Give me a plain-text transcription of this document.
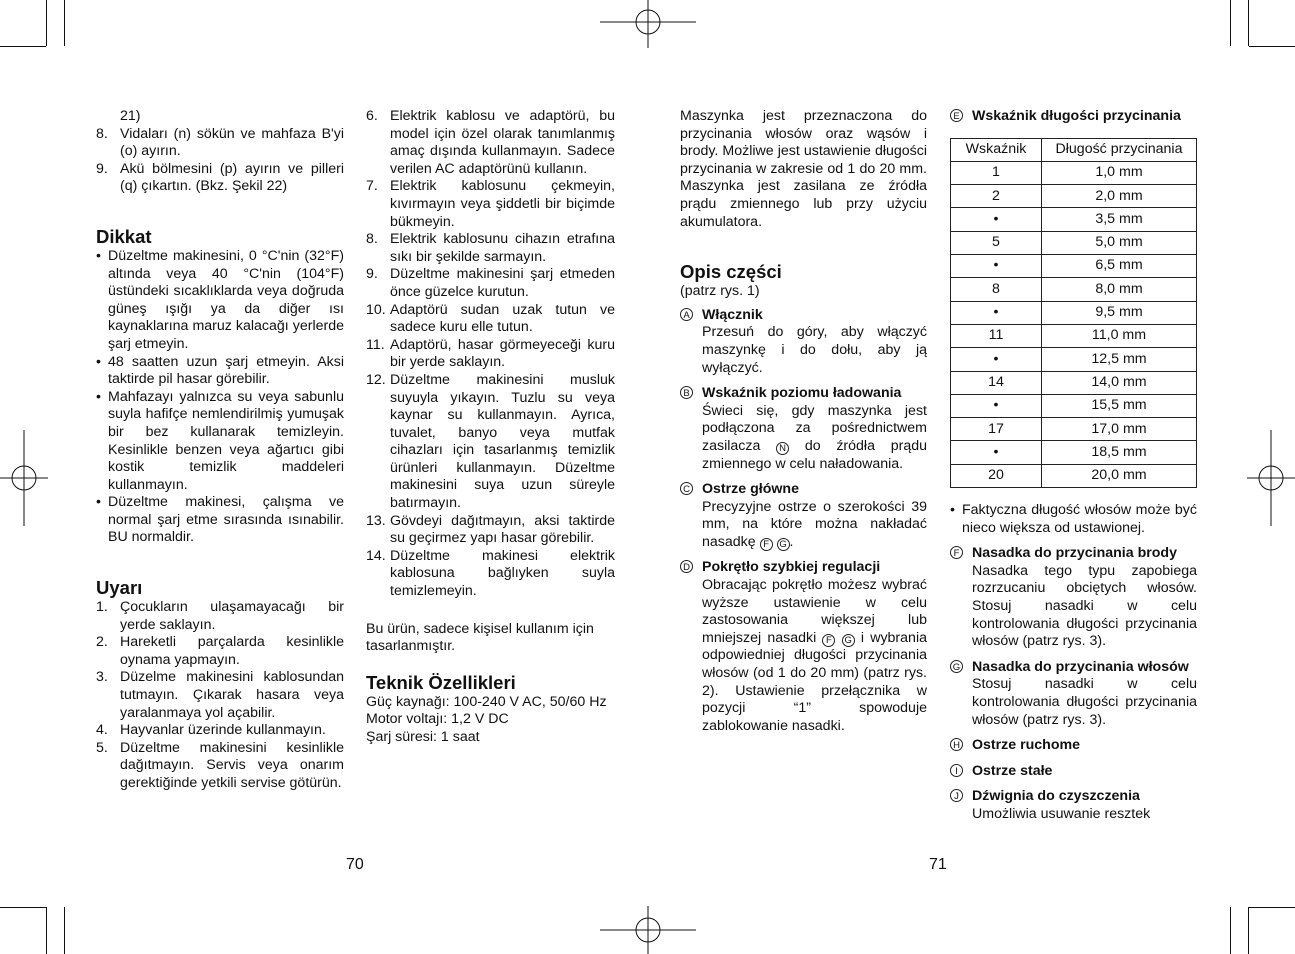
21)
8. Vidaları (n) sökün ve mahfaza B'yi (o) ayırın.
9. Akü bölmesini (p) ayırın ve pilleri (q) çıkartın. (Bkz. Şekil 22)
Dikkat
• Düzeltme makinesini, 0 °C'nin (32°F) altında veya 40 °C'nin (104°F) üstündeki sıcaklıklarda veya doğruda güneş ışığı ya da diğer ısı kaynaklarına maruz kalacağı yerlerde şarj etmeyin.
• 48 saatten uzun şarj etmeyin. Aksi taktirde pil hasar görebilir.
• Mahfazayı yalnızca su veya sabunlu suyla hafifçe nemlendirilmiş yumuşak bir bez kullanarak temizleyin. Kesinlikle benzen veya ağartıcı gibi kostik temizlik maddeleri kullanmayın.
• Düzeltme makinesi, çalışma ve normal şarj etme sırasında ısınabilir. BU normaldir.
Uyarı
1. Çocukların ulaşamayacağı bir yerde saklayın.
2. Hareketli parçalarda kesinlikle oynama yapmayın.
3. Düzelme makinesini kablosundan tutmayın. Çıkarak hasara veya yaralanmaya yol açabilir.
4. Hayvanlar üzerinde kullanmayın.
5. Düzeltme makinesini kesinlikle dağıtmayın. Servis veya onarım gerektiğinde yetkili servise götürün.
6. Elektrik kablosu ve adaptörü, bu model için özel olarak tanımlanmış amaç dışında kullanmayın. Sadece verilen AC adaptörünü kullanın.
7. Elektrik kablosunu çekmeyin, kıvırmayın veya şiddetli bir biçimde bükmeyin.
8. Elektrik kablosunu cihazın etrafına sıkı bir şekilde sarmayın.
9. Düzeltme makinesini şarj etmeden önce güzelce kurutun.
10. Adaptörü sudan uzak tutun ve sadece kuru elle tutun.
11. Adaptörü, hasar görmeyeceği kuru bir yerde saklayın.
12. Düzeltme makinesini musluk suyuyla yıkayın. Tuzlu su veya kaynar su kullanmayın. Ayrıca, tuvalet, banyo veya mutfak cihazları için tasarlanmış temizlik ürünleri kullanmayın. Düzeltme makinesini suya uzun süreyle batırmayın.
13. Gövdeyi dağıtmayın, aksi taktirde su geçirmez yapı hasar görebilir.
14. Düzeltme makinesi elektrik kablosuna bağlıyken suyla temizlemeyin.
Bu ürün, sadece kişisel kullanım için tasarlanmıştır.
Teknik Özellikleri
Güç kaynağı: 100-240 V AC, 50/60 Hz
Motor voltajı: 1,2 V DC
Şarj süresi: 1 saat
70
Maszynka jest przeznaczona do przycinania włosów oraz wąsów i brody. Możliwe jest ustawienie długości przycinania w zakresie od 1 do 20 mm. Maszynka jest zasilana ze źródła prądu zmiennego lub przy użyciu akumulatora.
Opis części
(patrz rys. 1)
A Włącznik
Przesuń do góry, aby włączyć maszynkę i do dołu, aby ją wyłączyć.
B Wskaźnik poziomu ładowania
Świeci się, gdy maszynka jest podłączona za pośrednictwem zasilacza N do źródła prądu zmiennego w celu naładowania.
C Ostrze główne
Precyzyjne ostrze o szerokości 39 mm, na które można nakładać nasadkę F G .
D Pokrętło szybkiej regulacji
Obracając pokrętło możesz wybrać wyższe ustawienie w celu zastosowania większej lub mniejszej nasadki F G i wybrania odpowiedniej długości przycinania włosów (od 1 do 20 mm) (patrz rys. 2). Ustawienie przełącznika w pozycji “1” spowoduje zablokowanie nasadki.
E Wskaźnik długości przycinania
Wskaźnik	Długość przycinania
1	1,0 mm
2	2,0 mm
•	3,5 mm
5	5,0 mm
•	6,5 mm
8	8,0 mm
•	9,5 mm
11	11,0 mm
•	12,5 mm
14	14,0 mm
•	15,5 mm
17	17,0 mm
•	18,5 mm
20	20,0 mm
• Faktyczna długość włosów może być nieco większa od ustawionej.
F Nasadka do przycinania brody
Nasadka tego typu zapobiega rozrzucaniu obciętych włosów. Stosuj nasadki w celu kontrolowania długości przycinania włosów (patrz rys. 3).
G Nasadka do przycinania włosów
Stosuj nasadki w celu kontrolowania długości przycinania włosów (patrz rys. 3).
H Ostrze ruchome
I Ostrze stałe
J Dźwignia do czyszczenia
Umożliwia usuwanie resztek
71
